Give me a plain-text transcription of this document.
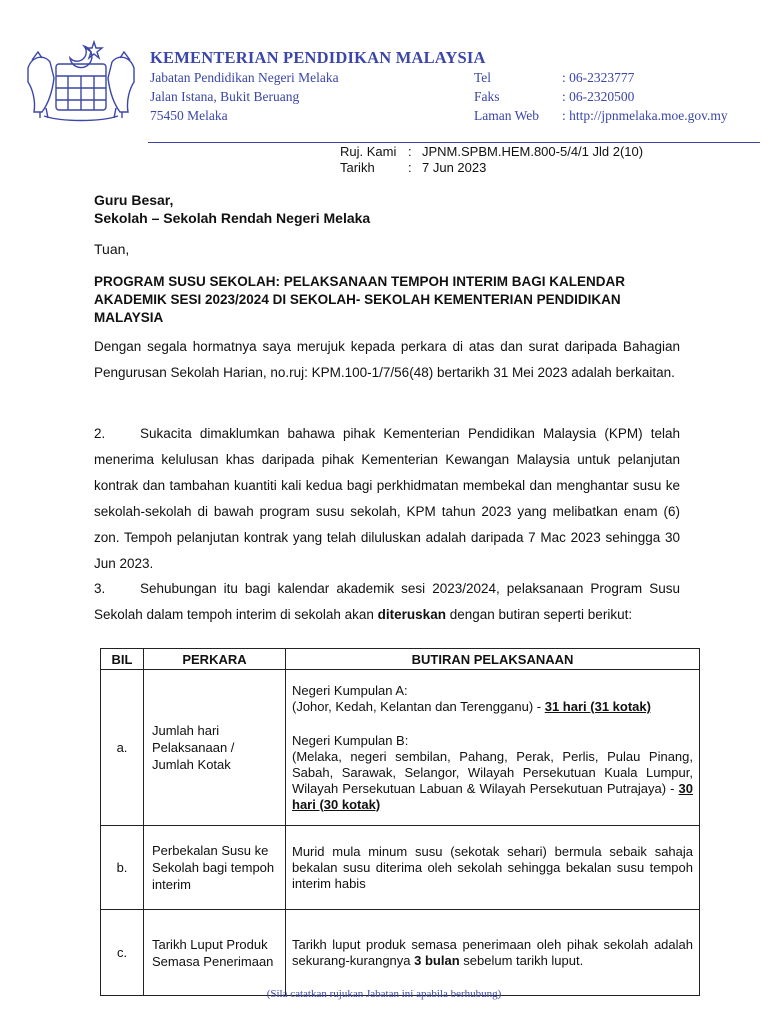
KEMENTERIAN PENDIDIKAN MALAYSIA
Jabatan Pendidikan Negeri Melaka
Jalan Istana, Bukit Beruang
75450 Melaka
Tel	: 06-2323777
Faks	: 06-2320500
Laman Web	: http://jpnmelaka.moe.gov.my
Ruj. Kami : JPNM.SPBM.HEM.800-5/4/1 Jld 2(10)
Tarikh	: 7 Jun 2023
Guru Besar,
Sekolah – Sekolah Rendah Negeri Melaka
Tuan,
PROGRAM SUSU SEKOLAH: PELAKSANAAN TEMPOH INTERIM BAGI KALENDAR AKADEMIK SESI 2023/2024 DI SEKOLAH- SEKOLAH KEMENTERIAN PENDIDIKAN MALAYSIA
Dengan segala hormatnya saya merujuk kepada perkara di atas dan surat daripada Bahagian Pengurusan Sekolah Harian, no.ruj: KPM.100-1/7/56(48) bertarikh 31 Mei 2023 adalah berkaitan.
2.	Sukacita dimaklumkan bahawa pihak Kementerian Pendidikan Malaysia (KPM) telah menerima kelulusan khas daripada pihak Kementerian Kewangan Malaysia untuk pelanjutan kontrak dan tambahan kuantiti kali kedua bagi perkhidmatan membekal dan menghantar susu ke sekolah-sekolah di bawah program susu sekolah, KPM tahun 2023 yang melibatkan enam (6) zon. Tempoh pelanjutan kontrak yang telah diluluskan adalah daripada 7 Mac 2023 sehingga 30 Jun 2023.
3.	Sehubungan itu bagi kalendar akademik sesi 2023/2024, pelaksanaan Program Susu Sekolah dalam tempoh interim di sekolah akan diteruskan dengan butiran seperti berikut:
BIL	PERKARA	BUTIRAN PELAKSANAAN
a.	Jumlah hari Pelaksanaan / Jumlah Kotak	Negeri Kumpulan A:
(Johor, Kedah, Kelantan dan Terengganu) - 31 hari (31 kotak)
Negeri Kumpulan B:
(Melaka, negeri sembilan, Pahang, Perak, Perlis, Pulau Pinang, Sabah, Sarawak, Selangor, Wilayah Persekutuan Kuala Lumpur, Wilayah Persekutuan Labuan & Wilayah Persekutuan Putrajaya) - 30 hari (30 kotak)

b.	Perbekalan Susu ke Sekolah bagi tempoh interim	Murid mula minum susu (sekotak sehari) bermula sebaik sahaja bekalan susu diterima oleh sekolah sehingga bekalan susu tempoh interim habis
c.	Tarikh Luput Produk Semasa Penerimaan	Tarikh luput produk semasa penerimaan oleh pihak sekolah adalah sekurang-kurangnya 3 bulan sebelum tarikh luput.
(Sila catatkan rujukan Jabatan ini apabila berhubung)
